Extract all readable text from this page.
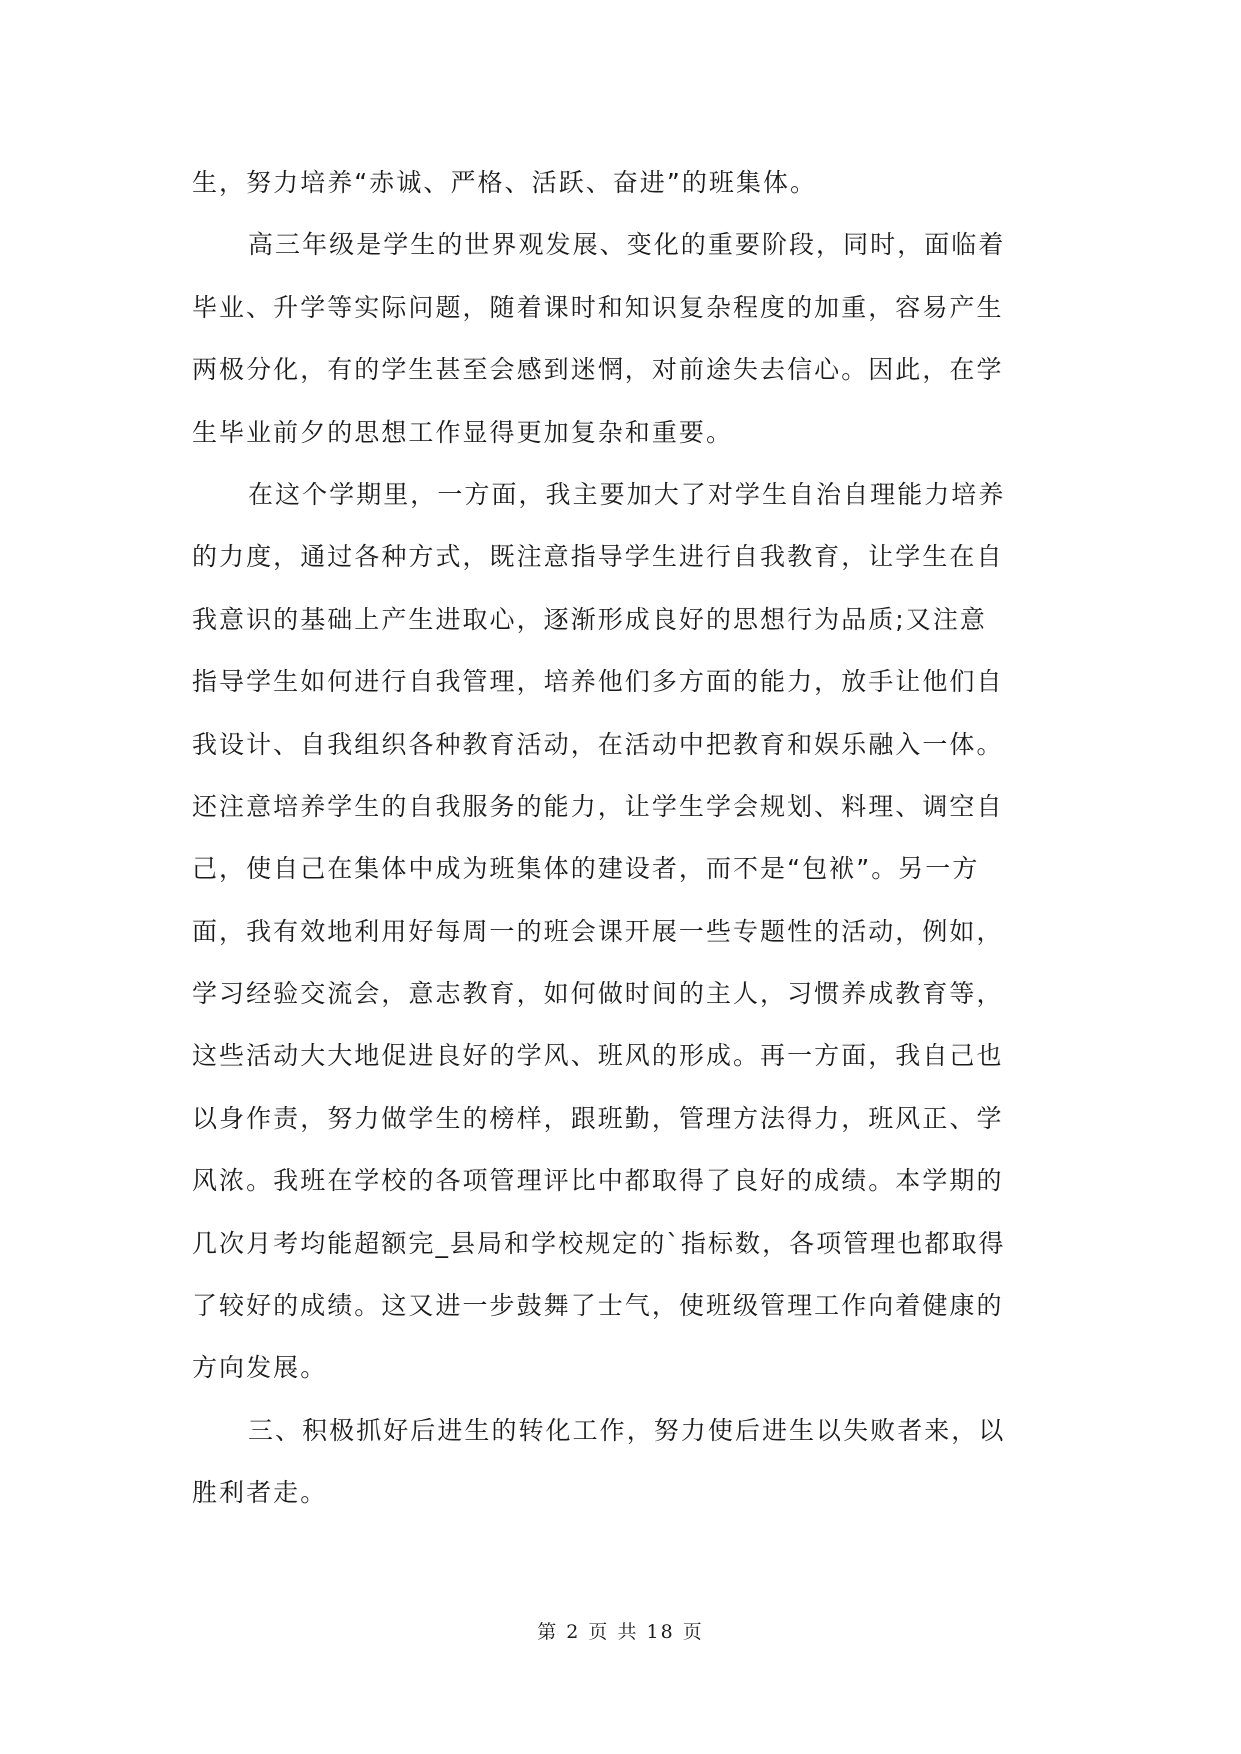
生，努力培养“赤诚、严格、活跃、奋进”的班集体。
高三年级是学生的世界观发展、变化的重要阶段，同时，面临着
毕业、升学等实际问题，随着课时和知识复杂程度的加重，容易产生
两极分化，有的学生甚至会感到迷惘，对前途失去信心。因此，在学
生毕业前夕的思想工作显得更加复杂和重要。
在这个学期里，一方面，我主要加大了对学生自治自理能力培养
的力度，通过各种方式，既注意指导学生进行自我教育，让学生在自
我意识的基础上产生进取心，逐渐形成良好的思想行为品质;又注意
指导学生如何进行自我管理，培养他们多方面的能力，放手让他们自
我设计、自我组织各种教育活动，在活动中把教育和娱乐融入一体。
还注意培养学生的自我服务的能力，让学生学会规划、料理、调空自
己，使自己在集体中成为班集体的建设者，而不是“包袱”。另一方
面，我有效地利用好每周一的班会课开展一些专题性的活动，例如，
学习经验交流会，意志教育，如何做时间的主人，习惯养成教育等，
这些活动大大地促进良好的学风、班风的形成。再一方面，我自己也
以身作责，努力做学生的榜样，跟班勤，管理方法得力，班风正、学
风浓。我班在学校的各项管理评比中都取得了良好的成绩。本学期的
几次月考均能超额完_县局和学校规定的`指标数，各项管理也都取得
了较好的成绩。这又进一步鼓舞了士气，使班级管理工作向着健康的
方向发展。
三、积极抓好后进生的转化工作，努力使后进生以失败者来，以
胜利者走。
第 2 页 共 18 页
